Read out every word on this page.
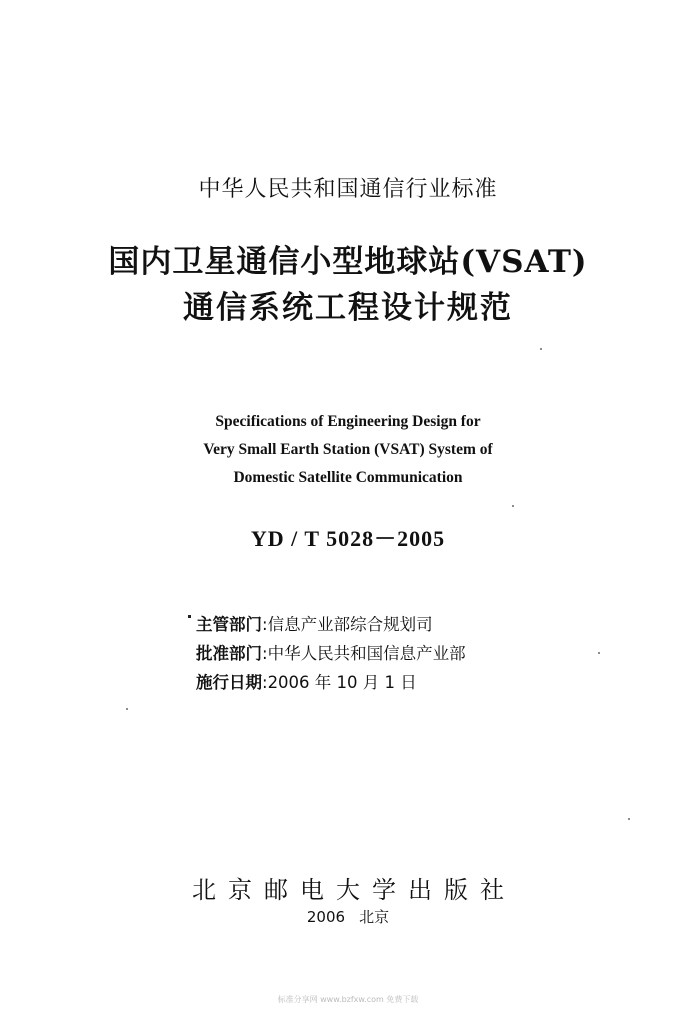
中华人民共和国通信行业标准
国内卫星通信小型地球站(VSAT)
通信系统工程设计规范
Specifications of Engineering Design for
Very Small Earth Station (VSAT) System of
Domestic Satellite Communication
YD / T 5028－2005
主管部门:信息产业部综合规划司
批准部门:中华人民共和国信息产业部
施行日期:2006 年 10 月 1 日
北京邮电大学出版社
2006 北京
标准分享网 www.bzfxw.com 免费下载
